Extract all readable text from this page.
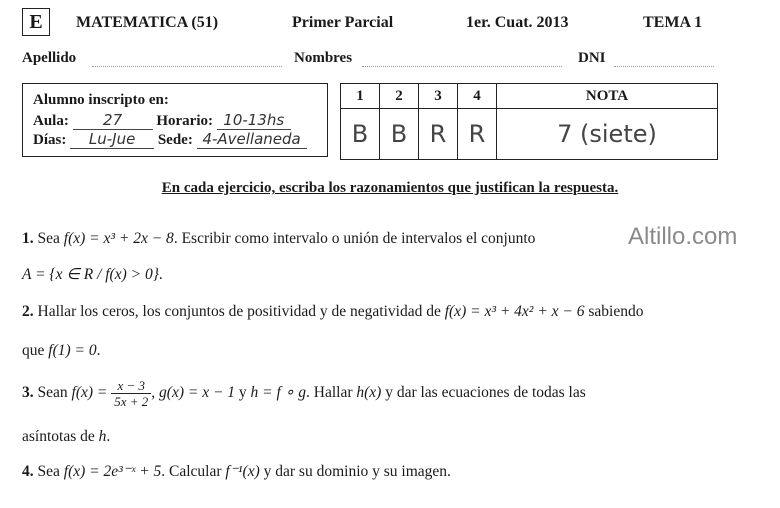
E	MATEMATICA (51)	Primer Parcial	1er. Cuat. 2013	TEMA 1
Apellido	Nombres	DNI
Alumno inscripto en:
Aula: 27 Horario: 10-13hs
Días: Lu-Jue Sede: 4-Avellaneda
1	2	3	4	NOTA
B	B	R	R	7 (siete)
En cada ejercicio, escriba los razonamientos que justifican la respuesta.
Altillo.com
1. Sea f(x) = x³ + 2x − 8. Escribir como intervalo o unión de intervalos el conjunto
A = {x ∈ R / f(x) > 0}.
2. Hallar los ceros, los conjuntos de positividad y de negatividad de f(x) = x³ + 4x² + x − 6 sabiendo
que f(1) = 0.
3. Sean $f(x) = \frac{x - 3}{5x + 2}$ , g(x) = x − 1 y h = f ∘ g. Hallar h(x) y dar las ecuaciones de todas las
asíntotas de h.
4. Sea f(x) = 2e³⁻ˣ + 5. Calcular f⁻¹(x) y dar su dominio y su imagen.
